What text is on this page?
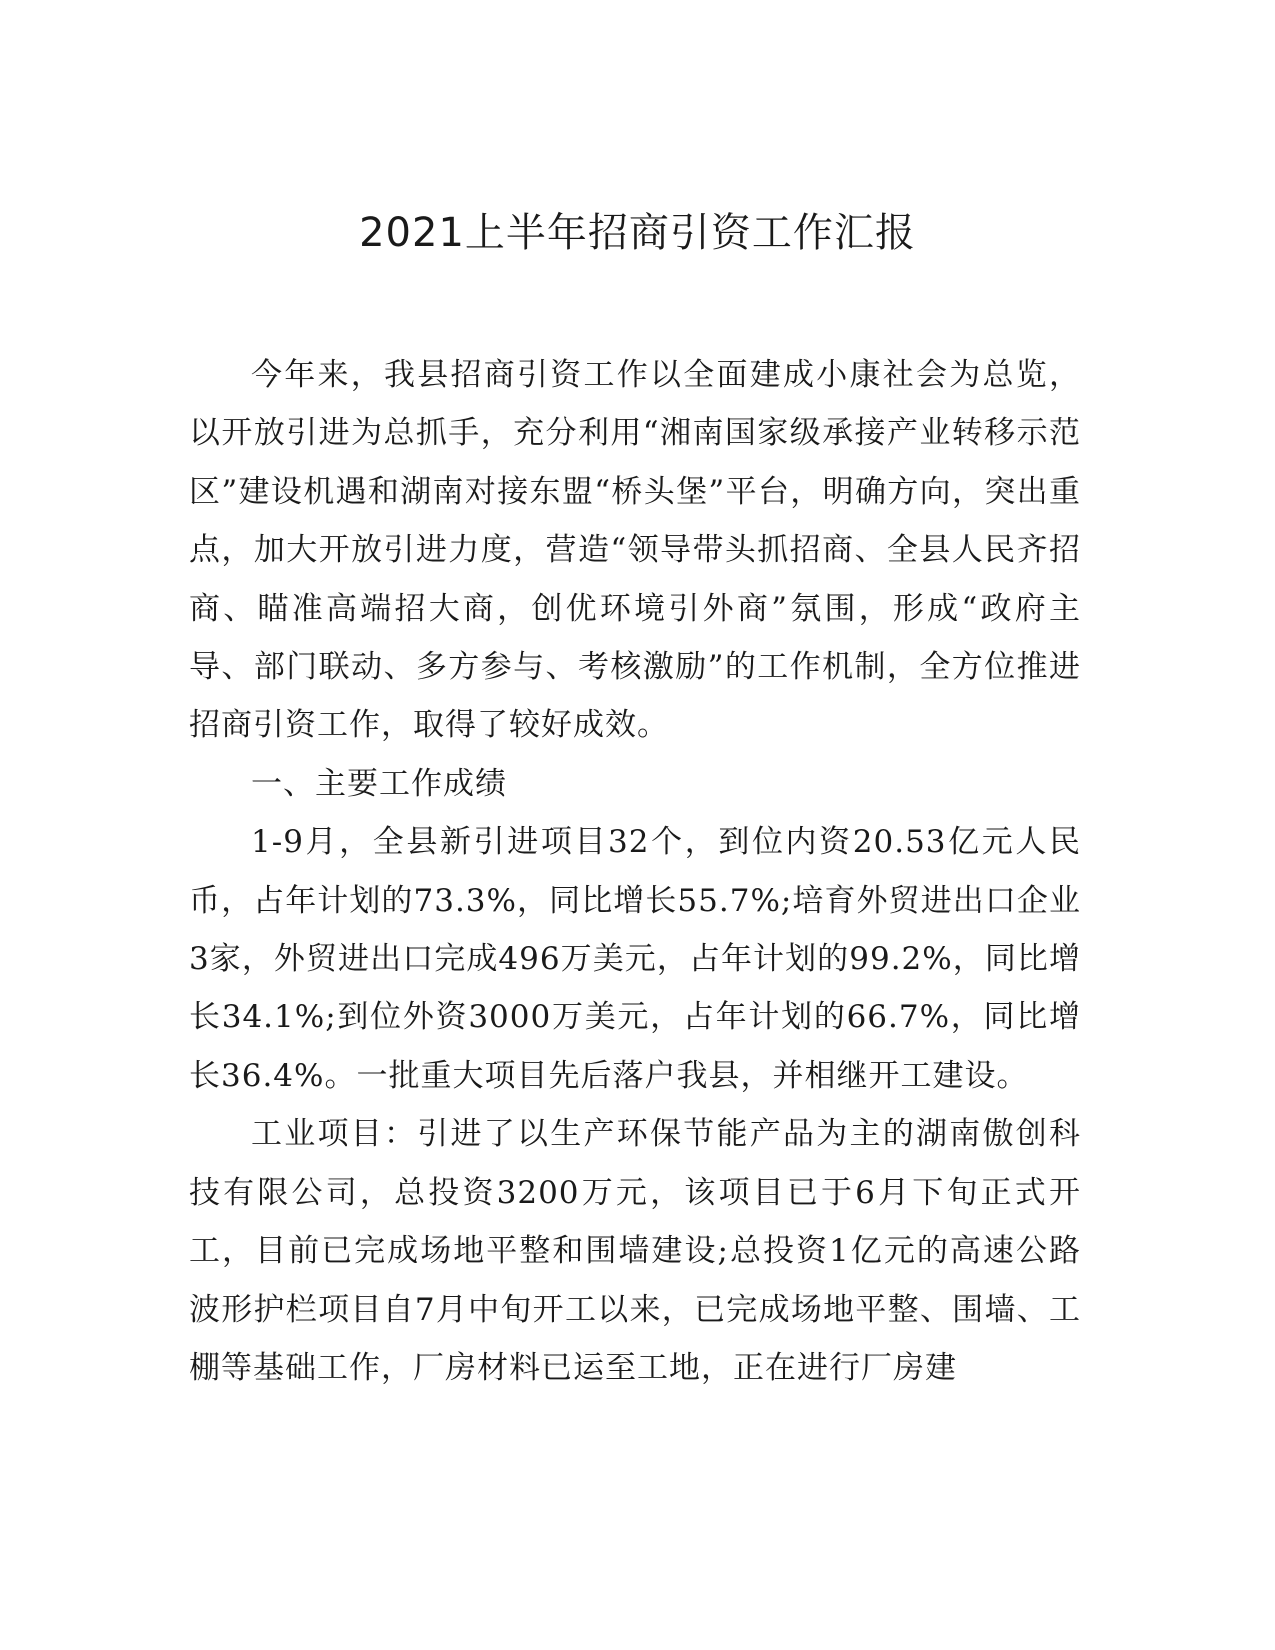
2021上半年招商引资工作汇报

今年来，我县招商引资工作以全面建成小康社会为总览，以开放引进为总抓手，充分利用“湘南国家级承接产业转移示范区”建设机遇和湖南对接东盟“桥头堡”平台，明确方向，突出重点，加大开放引进力度，营造“领导带头抓招商、全县人民齐招商、瞄准高端招大商，创优环境引外商”氛围，形成“政府主导、部门联动、多方参与、考核激励”的工作机制，全方位推进招商引资工作，取得了较好成效。

一、主要工作成绩

1-9月，全县新引进项目32个，到位内资20.53亿元人民币，占年计划的73.3%，同比增长55.7%;培育外贸进出口企业3家，外贸进出口完成496万美元，占年计划的99.2%，同比增长34.1%;到位外资3000万美元，占年计划的66.7%，同比增长36.4%。一批重大项目先后落户我县，并相继开工建设。

工业项目：引进了以生产环保节能产品为主的湖南傲创科技有限公司，总投资3200万元，该项目已于6月下旬正式开工，目前已完成场地平整和围墙建设;总投资1亿元的高速公路波形护栏项目自7月中旬开工以来，已完成场地平整、围墙、工棚等基础工作，厂房材料已运至工地，正在进行厂房建
